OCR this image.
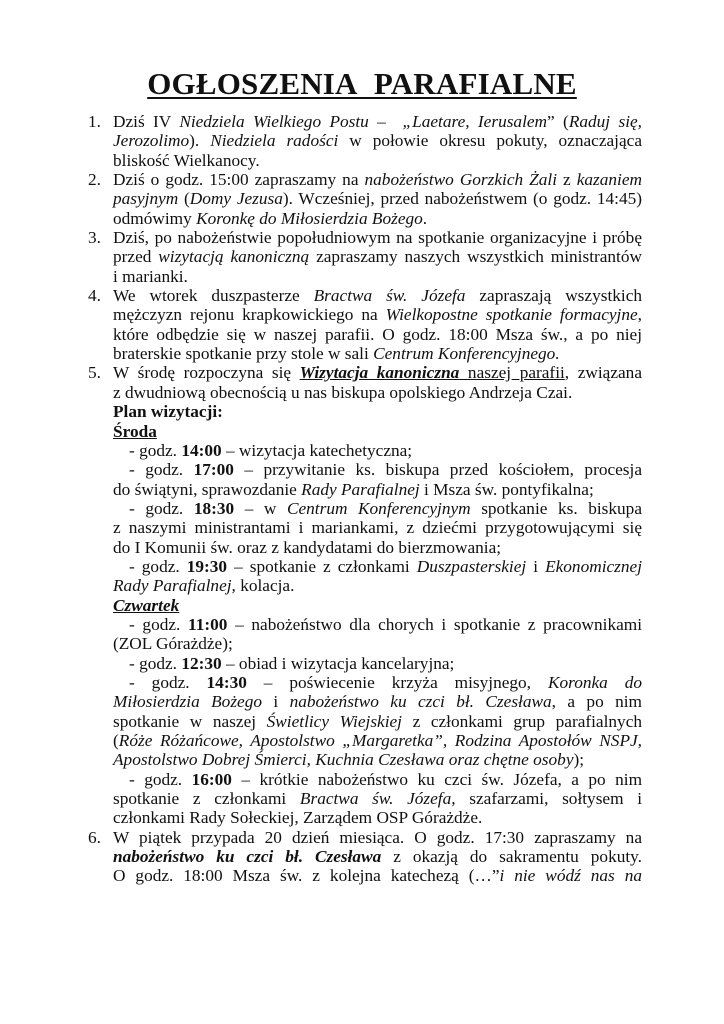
OGŁOSZENIA PARAFIALNE
1. Dziś IV Niedziela Wielkiego Postu –  „Laetare, Ierusalem” (Raduj się,
Jerozolimo). Niedziela radości w połowie okresu pokuty, oznaczająca
bliskość Wielkanocy.
2. Dziś o godz. 15:00 zapraszamy na nabożeństwo Gorzkich Żali z kazaniem
pasyjnym (Domy Jezusa). Wcześniej, przed nabożeństwem (o godz. 14:45)
odmówimy Koronkę do Miłosierdzia Bożego.
3. Dziś, po nabożeństwie popołudniowym na spotkanie organizacyjne i próbę
przed wizytacją kanoniczną zapraszamy naszych wszystkich ministrantów
i marianki.
4. We wtorek duszpasterze Bractwa św. Józefa zapraszają wszystkich
mężczyzn rejonu krapkowickiego na Wielkopostne spotkanie formacyjne,
które odbędzie się w naszej parafii. O godz. 18:00 Msza św., a po niej
braterskie spotkanie przy stole w sali Centrum Konferencyjnego.
5. W środę rozpoczyna się Wizytacja kanoniczna naszej parafii, związana
z dwudniową obecnością u nas biskupa opolskiego Andrzeja Czai.
Plan wizytacji:
Środa
- godz. 14:00 – wizytacja katechetyczna;
- godz. 17:00 – przywitanie ks. biskupa przed kościołem, procesja
do świątyni, sprawozdanie Rady Parafialnej i Msza św. pontyfikalna;
- godz. 18:30 – w Centrum Konferencyjnym spotkanie ks. biskupa
z naszymi ministrantami i mariankami, z dziećmi przygotowującymi się
do I Komunii św. oraz z kandydatami do bierzmowania;
- godz. 19:30 – spotkanie z członkami Duszpasterskiej i Ekonomicznej
Rady Parafialnej, kolacja.
Czwartek
- godz. 11:00 – nabożeństwo dla chorych i spotkanie z pracownikami
(ZOL Górażdże);
- godz. 12:30 – obiad i wizytacja kancelaryjna;
- godz. 14:30 – poświecenie krzyża misyjnego, Koronka do
Miłosierdzia Bożego i nabożeństwo ku czci bł. Czesława, a po nim
spotkanie w naszej Świetlicy Wiejskiej z członkami grup parafialnych
(Róże Różańcowe, Apostolstwo „Margaretka”, Rodzina Apostołów NSPJ,
Apostolstwo Dobrej Śmierci, Kuchnia Czesława oraz chętne osoby);
- godz. 16:00 – krótkie nabożeństwo ku czci św. Józefa, a po nim
spotkanie z członkami Bractwa św. Józefa, szafarzami, sołtysem i
członkami Rady Sołeckiej, Zarządem OSP Górażdże.
6. W piątek przypada 20 dzień miesiąca. O godz. 17:30 zapraszamy na
nabożeństwo ku czci bł. Czesława z okazją do sakramentu pokuty.
O godz. 18:00 Msza św. z kolejna katechezą (…”i nie wódź nas na
